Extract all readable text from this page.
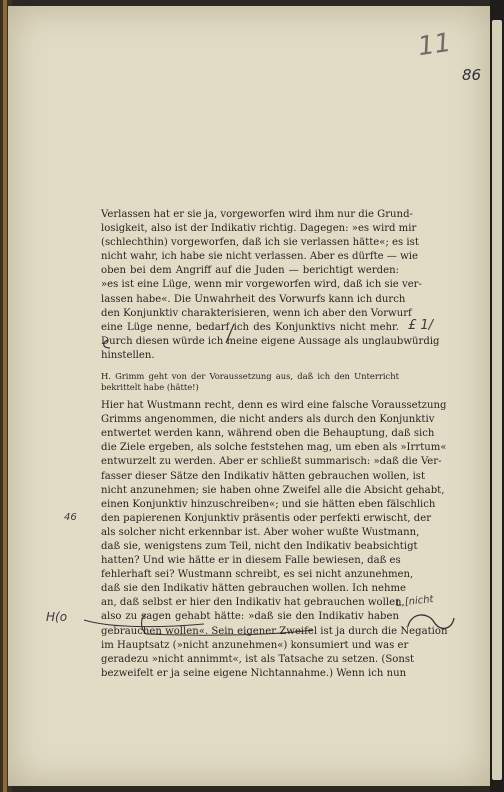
11
86
£ 1/
L [nicht
46
H(o
Verlassen hat er sie ja, vorgeworfen wird ihm nur die Grund-
losigkeit, also ist der Indikativ richtig. Dagegen: »es wird mir
(schlechthin) vorgeworfen, daß ich sie verlassen hätte«; es ist
nicht wahr, ich habe sie nicht verlassen. Aber es dürfte — wie
oben bei dem Angriff auf die Juden — berichtigt werden:
»es ist eine Lüge, wenn mir vorgeworfen wird, daß ich sie ver-
lassen habe«. Die Unwahrheit des Vorwurfs kann ich durch
den Konjunktiv charakterisieren, wenn ich aber den Vorwurf
eine Lüge nenne, bedarf ich des Konjunktivs nicht mehr.
Durch diesen würde ich meine eigene Aussage als unglaubwürdig
hinstellen.
H. Grimm geht von der Voraussetzung aus, daß ich den Unterricht
bekrittelt habe (hätte!)
Hier hat Wustmann recht, denn es wird eine falsche Voraussetzung
Grimms angenommen, die nicht anders als durch den Konjunktiv
entwertet werden kann, während oben die Behauptung, daß sich
die Ziele ergeben, als solche feststehen mag, um eben als »Irrtum«
entwurzelt zu werden. Aber er schließt summarisch: »daß die Ver-
fasser dieser Sätze den Indikativ hätten gebrauchen wollen, ist
nicht anzunehmen; sie haben ohne Zweifel alle die Absicht gehabt,
einen Konjunktiv hinzuschreiben«; und sie hätten eben fälschlich
den papierenen Konjunktiv präsentis oder perfekti erwischt, der
als solcher nicht erkennbar ist. Aber woher wußte Wustmann,
daß sie, wenigstens zum Teil, nicht den Indikativ beabsichtigt
hatten? Und wie hätte er in diesem Falle bewiesen, daß es
fehlerhaft sei? Wustmann schreibt, es sei nicht anzunehmen,
daß sie den Indikativ hätten gebrauchen wollen. Ich nehme
an, daß selbst er hier den Indikativ hat gebrauchen wollen,
also zu sagen gehabt hätte: »daß sie den Indikativ haben
gebrauchen wollen«. Sein eigener Zweifel ist ja durch die Negation
im Hauptsatz (»nicht anzunehmen«) konsumiert und was er
geradezu »nicht annimmt«, ist als Tatsache zu setzen. (Sonst
bezweifelt er ja seine eigene Nichtannahme.) Wenn ich nun
